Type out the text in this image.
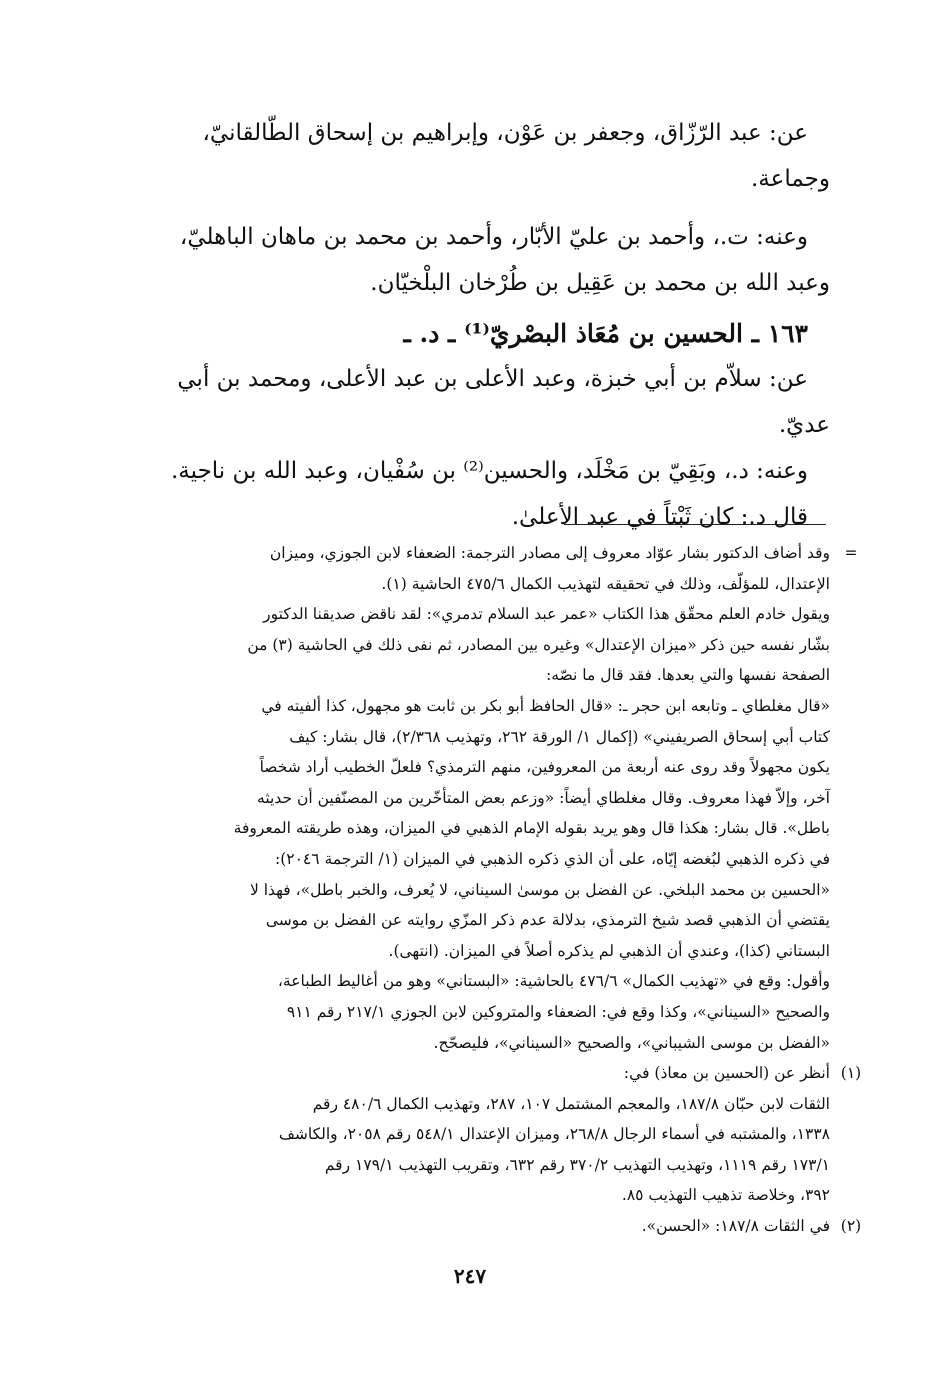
عن: عبد الرّزّاق، وجعفر بن عَوْن، وإبراهيم بن إسحاق الطّالقانيّ،
وجماعة.
وعنه: ت.، وأحمد بن عليّ الأبّار، وأحمد بن محمد بن ماهان الباهليّ،
وعبد الله بن محمد بن عَقِيل بن طُرْخان البلْخيّان.
١٦٣ ـ الحسين بن مُعَاذ البصْريّ⁽¹⁾ ـ د. ـ
عن: سلاّم بن أبي خبزة، وعبد الأعلى بن عبد الأعلى، ومحمد بن أبي
عديّ.
وعنه: د.، وبَقِيّ بن مَخْلَد، والحسين⁽²⁾ بن سُفْيان، وعبد الله بن ناجية.
قال د.: كان ثَبْتاً في عبد الأعلىٰ.
=
وقد أضاف الدكتور بشار عوّاد معروف إلى مصادر الترجمة: الضعفاء لابن الجوزي، وميزان
الإعتدال، للمؤلّف، وذلك في تحقيقه لتهذيب الكمال ٤٧٥/٦ الحاشية (١).
ويقول خادم العلم محقّق هذا الكتاب «عمر عبد السلام تدمري»: لقد ناقض صديقنا الدكتور
بشّار نفسه حين ذكر «ميزان الإعتدال» وغيره بين المصادر، ثم نفى ذلك في الحاشية (٣) من
الصفحة نفسها والتي بعدها. فقد قال ما نصّه:
«قال مغلطاي ـ وتابعه ابن حجر ـ: «قال الحافظ أبو بكر بن ثابت هو مجهول، كذا ألفيته في
كتاب أبي إسحاق الصريفيني» (إكمال ١/ الورقة ٢٦٢، وتهذيب ٢/٣٦٨)، قال بشار: كيف
يكون مجهولاً وقد روى عنه أربعة من المعروفين، منهم الترمذي؟ فلعلّ الخطيب أراد شخصاً
آخر، وإلاّ فهذا معروف. وقال مغلطاي أيضاً: «وزعم بعض المتأخّرين من المصنّفين أن حديثه
باطل». قال بشار: هكذا قال وهو يريد بقوله الإمام الذهبي في الميزان، وهذه طريقته المعروفة
في ذكره الذهبي لبُغضه إيّاه، على أن الذي ذكره الذهبي في الميزان (١/ الترجمة ٢٠٤٦):
«الحسين بن محمد البلخي. عن الفضل بن موسىٰ السيناني، لا يُعرف، والخبر باطل»، فهذا لا
يقتضي أن الذهبي قصد شيخ الترمذي، بدلالة عدم ذكر المزّي روايته عن الفضل بن موسى
البستاني (كذا)، وعندي أن الذهبي لم يذكره أصلاً في الميزان. (انتهى).
وأقول: وقع في «تهذيب الكمال» ٤٧٦/٦ بالحاشية: «البستاني» وهو من أغاليط الطباعة،
والصحيح «السيناني»، وكذا وقع في: الضعفاء والمتروكين لابن الجوزي ٢١٧/١ رقم ٩١١
«الفضل بن موسى الشيباني»، والصحيح «السيناني»، فليصحّح.
(١)
أنظر عن (الحسين بن معاذ) في:
الثقات لابن حبّان ١٨٧/٨، والمعجم المشتمل ١٠٧، ٢٨٧، وتهذيب الكمال ٤٨٠/٦ رقم
١٣٣٨، والمشتبه في أسماء الرجال ٢٦٨/٨، وميزان الإعتدال ٥٤٨/١ رقم ٢٠٥٨، والكاشف
١٧٣/١ رقم ١١١٩، وتهذيب التهذيب ٣٧٠/٢ رقم ٦٣٢، وتقريب التهذيب ١٧٩/١ رقم
٣٩٢، وخلاصة تذهيب التهذيب ٨٥.
(٢)
في الثقات ١٨٧/٨: «الحسن».
٢٤٧
